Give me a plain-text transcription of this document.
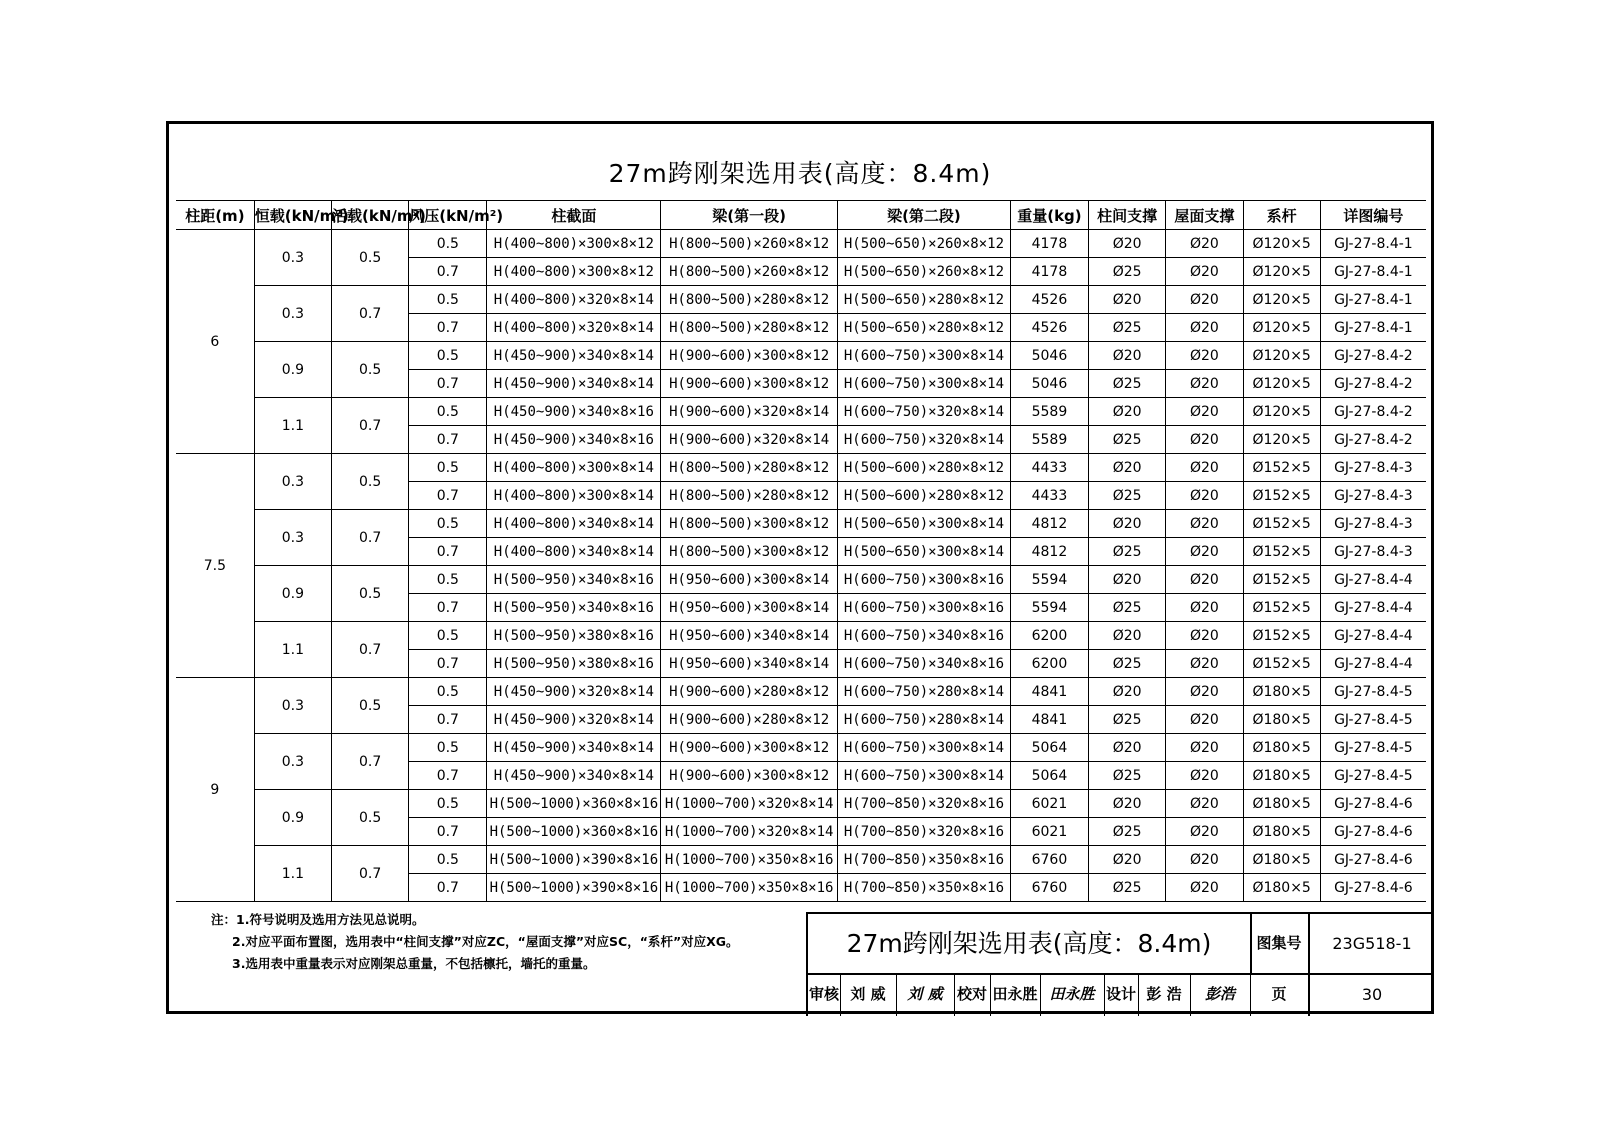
27m跨刚架选用表(高度：8.4m)
柱距(m)	恒载(kN/m²)	活载(kN/m²)	风压(kN/m²)	柱截面	梁(第一段)	梁(第二段)	重量(kg)	柱间支撑	屋面支撑	系杆	详图编号
6	0.3	0.5	0.5	H(400~800)×300×8×12	H(800~500)×260×8×12	H(500~650)×260×8×12	4178	Ø20	Ø20	Ø120×5	GJ-27-8.4-1
			0.7	H(400~800)×300×8×12	H(800~500)×260×8×12	H(500~650)×260×8×12	4178	Ø25	Ø20	Ø120×5	GJ-27-8.4-1
	0.3	0.7	0.5	H(400~800)×320×8×14	H(800~500)×280×8×12	H(500~650)×280×8×12	4526	Ø20	Ø20	Ø120×5	GJ-27-8.4-1
			0.7	H(400~800)×320×8×14	H(800~500)×280×8×12	H(500~650)×280×8×12	4526	Ø25	Ø20	Ø120×5	GJ-27-8.4-1
	0.9	0.5	0.5	H(450~900)×340×8×14	H(900~600)×300×8×12	H(600~750)×300×8×14	5046	Ø20	Ø20	Ø120×5	GJ-27-8.4-2
			0.7	H(450~900)×340×8×14	H(900~600)×300×8×12	H(600~750)×300×8×14	5046	Ø25	Ø20	Ø120×5	GJ-27-8.4-2
	1.1	0.7	0.5	H(450~900)×340×8×16	H(900~600)×320×8×14	H(600~750)×320×8×14	5589	Ø20	Ø20	Ø120×5	GJ-27-8.4-2
			0.7	H(450~900)×340×8×16	H(900~600)×320×8×14	H(600~750)×320×8×14	5589	Ø25	Ø20	Ø120×5	GJ-27-8.4-2
7.5	0.3	0.5	0.5	H(400~800)×300×8×14	H(800~500)×280×8×12	H(500~600)×280×8×12	4433	Ø20	Ø20	Ø152×5	GJ-27-8.4-3
			0.7	H(400~800)×300×8×14	H(800~500)×280×8×12	H(500~600)×280×8×12	4433	Ø25	Ø20	Ø152×5	GJ-27-8.4-3
	0.3	0.7	0.5	H(400~800)×340×8×14	H(800~500)×300×8×12	H(500~650)×300×8×14	4812	Ø20	Ø20	Ø152×5	GJ-27-8.4-3
			0.7	H(400~800)×340×8×14	H(800~500)×300×8×12	H(500~650)×300×8×14	4812	Ø25	Ø20	Ø152×5	GJ-27-8.4-3
	0.9	0.5	0.5	H(500~950)×340×8×16	H(950~600)×300×8×14	H(600~750)×300×8×16	5594	Ø20	Ø20	Ø152×5	GJ-27-8.4-4
			0.7	H(500~950)×340×8×16	H(950~600)×300×8×14	H(600~750)×300×8×16	5594	Ø25	Ø20	Ø152×5	GJ-27-8.4-4
	1.1	0.7	0.5	H(500~950)×380×8×16	H(950~600)×340×8×14	H(600~750)×340×8×16	6200	Ø20	Ø20	Ø152×5	GJ-27-8.4-4
			0.7	H(500~950)×380×8×16	H(950~600)×340×8×14	H(600~750)×340×8×16	6200	Ø25	Ø20	Ø152×5	GJ-27-8.4-4
9	0.3	0.5	0.5	H(450~900)×320×8×14	H(900~600)×280×8×12	H(600~750)×280×8×14	4841	Ø20	Ø20	Ø180×5	GJ-27-8.4-5
			0.7	H(450~900)×320×8×14	H(900~600)×280×8×12	H(600~750)×280×8×14	4841	Ø25	Ø20	Ø180×5	GJ-27-8.4-5
	0.3	0.7	0.5	H(450~900)×340×8×14	H(900~600)×300×8×12	H(600~750)×300×8×14	5064	Ø20	Ø20	Ø180×5	GJ-27-8.4-5
			0.7	H(450~900)×340×8×14	H(900~600)×300×8×12	H(600~750)×300×8×14	5064	Ø25	Ø20	Ø180×5	GJ-27-8.4-5
	0.9	0.5	0.5	H(500~1000)×360×8×16	H(1000~700)×320×8×14	H(700~850)×320×8×16	6021	Ø20	Ø20	Ø180×5	GJ-27-8.4-6
			0.7	H(500~1000)×360×8×16	H(1000~700)×320×8×14	H(700~850)×320×8×16	6021	Ø25	Ø20	Ø180×5	GJ-27-8.4-6
	1.1	0.7	0.5	H(500~1000)×390×8×16	H(1000~700)×350×8×16	H(700~850)×350×8×16	6760	Ø20	Ø20	Ø180×5	GJ-27-8.4-6
			0.7	H(500~1000)×390×8×16	H(1000~700)×350×8×16	H(700~850)×350×8×16	6760	Ø25	Ø20	Ø180×5	GJ-27-8.4-6
注：1.符号说明及选用方法见总说明。
2.对应平面布置图，选用表中“柱间支撑”对应ZC，“屋面支撑”对应SC，“系杆”对应XG。
3.选用表中重量表示对应刚架总重量，不包括檩托，墙托的重量。
27m跨刚架选用表(高度：8.4m)	图集号	23G518-1
审核 刘 威	刘 威 校对 田永胜 田永胜 设计 彭 浩	彭浩	页	30
